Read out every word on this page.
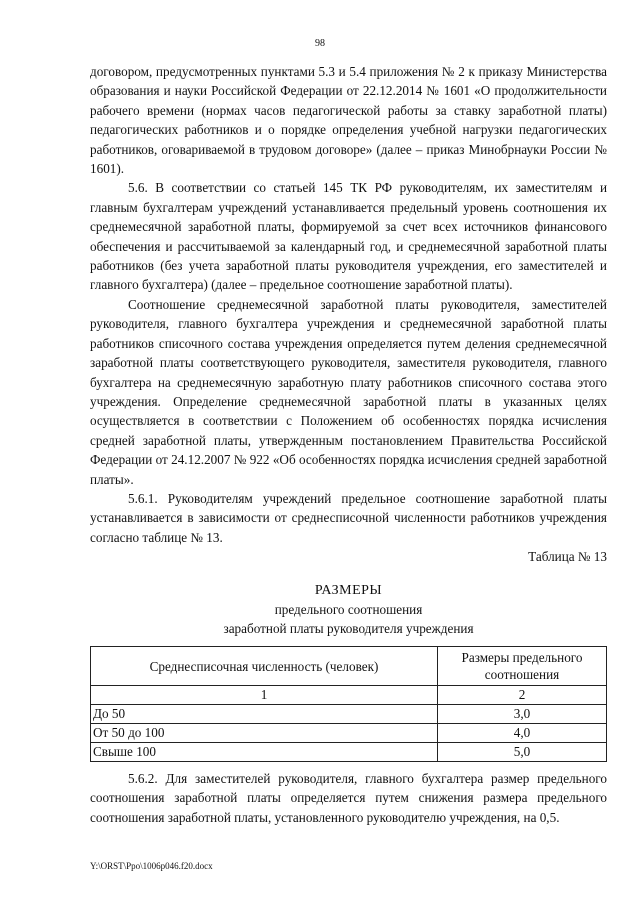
98

договором, предусмотренных пунктами 5.3 и 5.4 приложения № 2 к приказу Министерства образования и науки Российской Федерации от 22.12.2014 № 1601 «О продолжительности рабочего времени (нормах часов педагогической работы за ставку заработной платы) педагогических работников и о порядке определения учебной нагрузки педагогических работников, оговариваемой в трудовом договоре» (далее – приказ Минобрнауки России № 1601).

5.6. В соответствии со статьей 145 ТК РФ руководителям, их заместителям и главным бухгалтерам учреждений устанавливается предельный уровень соотношения их среднемесячной заработной платы, формируемой за счет всех источников финансового обеспечения и рассчитываемой за календарный год, и среднемесячной заработной платы работников (без учета заработной платы руководителя учреждения, его заместителей и главного бухгалтера) (далее – предельное соотношение заработной платы).

Соотношение среднемесячной заработной платы руководителя, заместителей руководителя, главного бухгалтера учреждения и среднемесячной заработной платы работников списочного состава учреждения определяется путем деления среднемесячной заработной платы соответствующего руководителя, заместителя руководителя, главного бухгалтера на среднемесячную заработную плату работников списочного состава этого учреждения. Определение среднемесячной заработной платы в указанных целях осуществляется в соответствии с Положением об особенностях порядка исчисления средней заработной платы, утвержденным постановлением Правительства Российской Федерации от 24.12.2007 № 922 «Об особенностях порядка исчисления средней заработной платы».

5.6.1. Руководителям учреждений предельное соотношение заработной платы устанавливается в зависимости от среднесписочной численности работников учреждения согласно таблице № 13.

Таблица № 13
РАЗМЕРЫ
предельного соотношения
заработной платы руководителя учреждения
Среднесписочная численность (человек)	Размеры предельного соотношения
1	2
До 50	3,0
От 50 до 100	4,0
Свыше 100	5,0

5.6.2. Для заместителей руководителя, главного бухгалтера размер предельного соотношения заработной платы определяется путем снижения размера предельного соотношения заработной платы, установленного руководителю учреждения, на 0,5.

Y:\ORST\Ppo\1006p046.f20.docx
